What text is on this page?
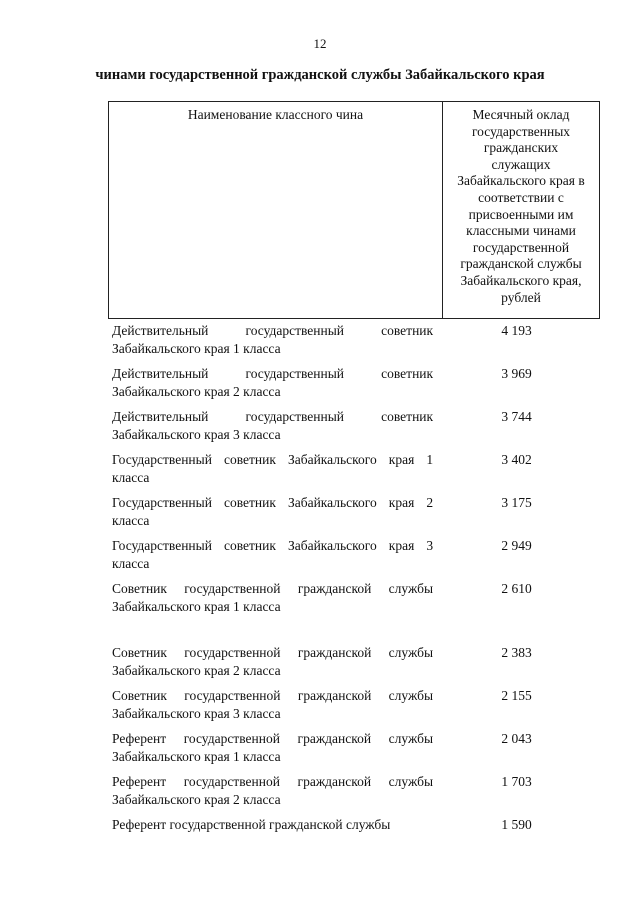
12
чинами государственной гражданской службы Забайкальского края
Наименование классного чина	Месячный оклад
государственных
гражданских
служащих
Забайкальского края в
соответствии с
присвоенными им
классными чинами
государственной
гражданской службы
Забайкальского края,
рублей
Действительный государственный советник Забайкальского края 1 класса
4 193
Действительный государственный советник Забайкальского края 2 класса
3 969
Действительный государственный советник Забайкальского края 3 класса
3 744
Государственный советник Забайкальского края 1 класса
3 402
Государственный советник Забайкальского края 2 класса
3 175
Государственный советник Забайкальского края 3 класса
2 949
Советник государственной гражданской службы Забайкальского края 1 класса
2 610
Советник государственной гражданской службы Забайкальского края 2 класса
2 383
Советник государственной гражданской службы Забайкальского края 3 класса
2 155
Референт государственной гражданской службы Забайкальского края 1 класса
2 043
Референт государственной гражданской службы Забайкальского края 2 класса
1 703
Референт государственной гражданской службы	1 590
